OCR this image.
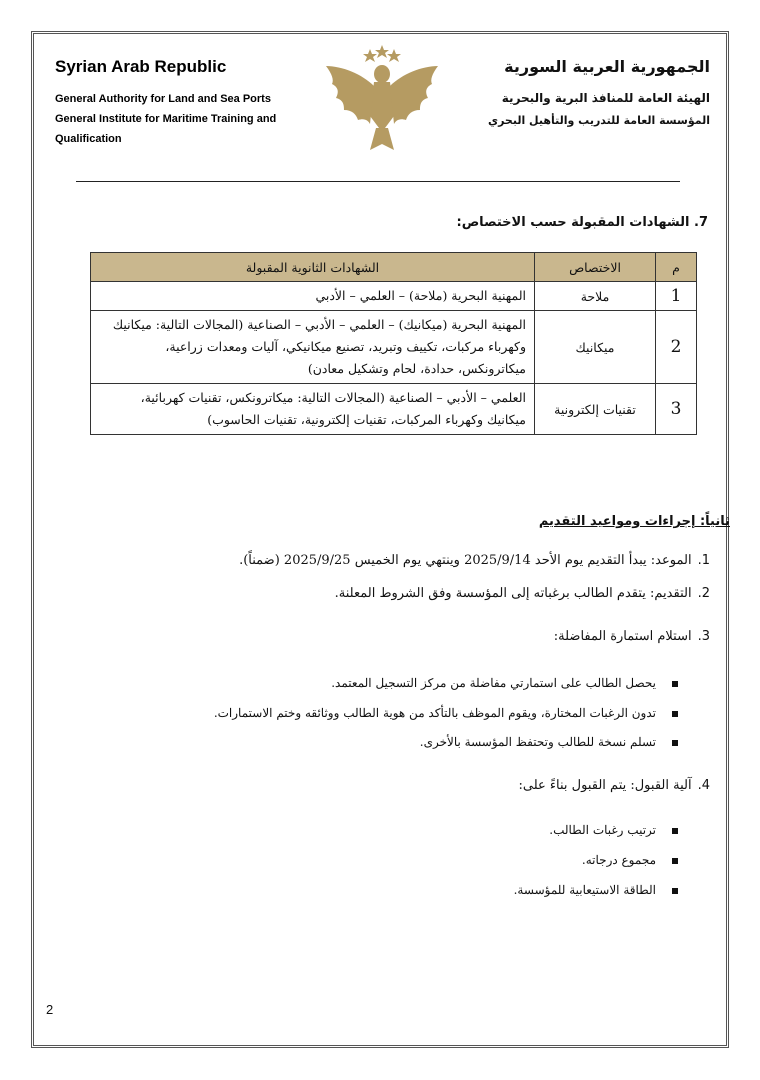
Syrian Arab Republic
General Authority for Land and Sea Ports
General Institute for Maritime Training and Qualification
الجمهورية العربية السورية
الهيئة العامة للمنافذ البرية والبحرية
المؤسسة العامة للتدريب والتأهيل البحري
7. الشهادات المقبولة حسب الاختصاص:
م	الاختصاص	الشهادات الثانوية المقبولة
1	ملاحة	المهنية البحرية (ملاحة) – العلمي – الأدبي
2	ميكانيك	المهنية البحرية (ميكانيك) – العلمي – الأدبي – الصناعية (المجالات التالية: ميكانيك وكهرباء مركبات، تكييف وتبريد، تصنيع ميكانيكي، آليات ومعدات زراعية، ميكاترونكس، حدادة، لحام وتشكيل معادن)
3	تقنيات إلكترونية	العلمي – الأدبي – الصناعية (المجالات التالية: ميكاترونكس، تقنيات كهربائية، ميكانيك وكهرباء المركبات، تقنيات إلكترونية، تقنيات الحاسوب)
ثانياً: إجراءات ومواعيد التقديم
1.الموعد: يبدأ التقديم يوم الأحد 2025/9/14 وينتهي يوم الخميس 2025/9/25 (ضمناً).
2.التقديم: يتقدم الطالب برغباته إلى المؤسسة وفق الشروط المعلنة.
3.استلام استمارة المفاضلة:
يحصل الطالب على استمارتي مفاضلة من مركز التسجيل المعتمد.
تدون الرغبات المختارة، ويقوم الموظف بالتأكد من هوية الطالب ووثائقه وختم الاستمارات.
تسلم نسخة للطالب وتحتفظ المؤسسة بالأخرى.
4.آلية القبول: يتم القبول بناءً على:
ترتيب رغبات الطالب.
مجموع درجاته.
الطاقة الاستيعابية للمؤسسة.
2
